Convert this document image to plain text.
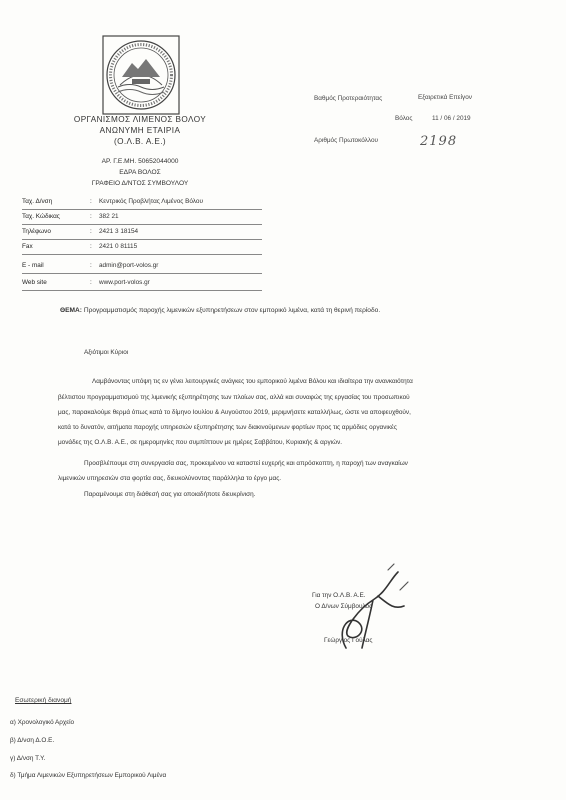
ΟΡΓΑΝΙΣΜΟΣ ΛΙΜΕΝΟΣ ΒΟΛΟΥ
ΑΝΩΝΥΜΗ ΕΤΑΙΡΙΑ
(Ο.Λ.Β. Α.Ε.)
ΑΡ. Γ.Ε.ΜΗ. 50652044000
ΕΔΡΑ ΒΟΛΟΣ
ΓΡΑΦΕΙΟ Δ/ΝΤΟΣ ΣΥΜΒΟΥΛΟΥ
Βαθμός Προτεραιότητας	Εξαιρετικά Επείγον
Βόλος	11 / 06 / 2019
Αριθμός Πρωτοκόλλου	2198
Ταχ. Δ/νση	: Κεντρικός Προβλήτας Λιμένος Βόλου
Ταχ. Κώδικας	: 382 21
Τηλέφωνο	: 2421 3 18154
Fax	: 2421 0 81115
E - mail	: admin@port-volos.gr
Web site	: www.port-volos.gr
ΘΕΜΑ: Προγραμματισμός παροχής λιμενικών εξυπηρετήσεων στον εμπορικό λιμένα, κατά τη θερινή περίοδο.
Αξιότιμοι Κύριοι
Λαμβάνοντας υπόψη τις εν γένει λειτουργικές ανάγκες του εμπορικού λιμένα Βόλου και ιδιαίτερα την ανανκαιότητα
βέλτιστου προγραμματισμού της λιμενικής εξυπηρέτησης των πλοίων σας, αλλά και συναφώς της εργασίας του προσωπικού
μας, παρακαλούμε θερμά όπως κατά το δίμηνο Ιουλίου & Αυγούστου 2019, μεριμνήσετε καταλλήλως, ώστε να αποφευχθούν,
κατά το δυνατόν, αιτήματα παροχής υπηρεσιών εξυπηρέτησης των διακινούμενων φορτίων προς τις αρμόδιες οργανικές
μονάδες της Ο.Λ.Β. Α.Ε., σε ημερομηνίες που συμπίπτουν με ημέρες Σαββάτου, Κυριακής & αργιών.
Προσβλέπουμε στη συνεργασία σας, προκειμένου να καταστεί ευχερής και απρόσκοπτη, η παροχή των αναγκαίων
λιμενικών υπηρεσιών στα φορτία σας, διευκολύνοντας παράλληλα το έργο μας.
Παραμένουμε στη διάθεσή σας για οποιαδήποτε διευκρίνιση.
Για την Ο.Λ.Β. Α.Ε.
Ο Δ/νων Σύμβουλος
Γεώργιος Γούλας
Εσωτερική διανομή
α) Χρονολογικό Αρχείο
β) Δ/νση Δ.Ο.Ε.
γ) Δ/νση Τ.Υ.
δ) Τμήμα Λιμενικών Εξυπηρετήσεων Εμπορικού Λιμένα
